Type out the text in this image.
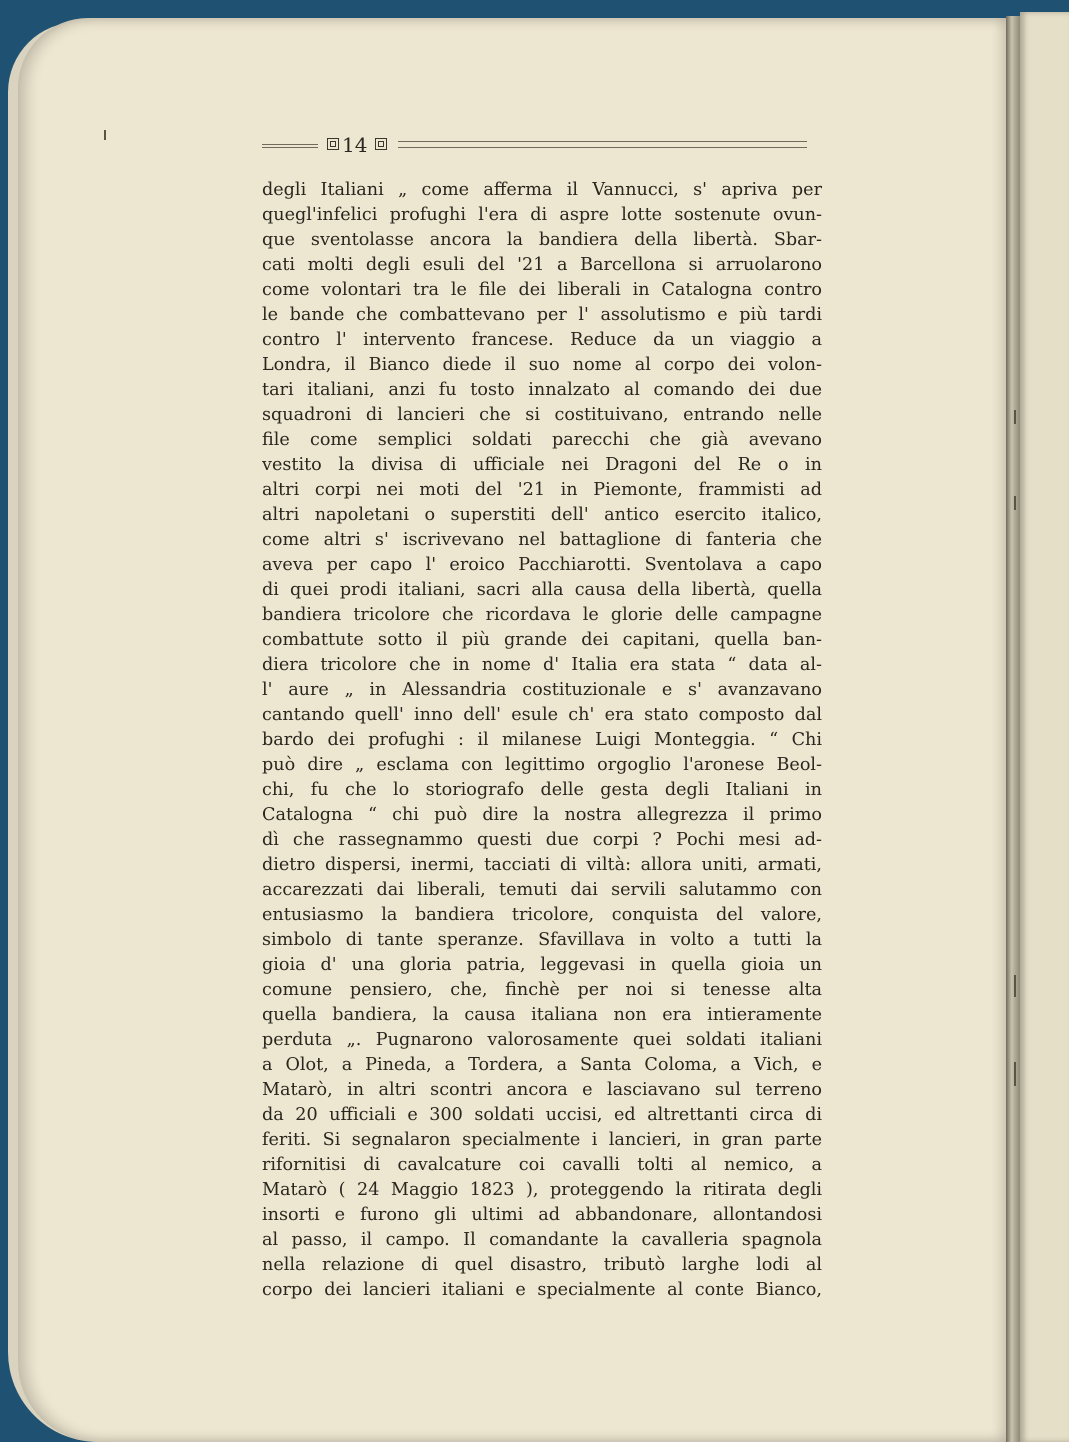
14
degli Italiani „ come afferma il Vannucci, s' apriva per
quegl'infelici profughi l'era di aspre lotte sostenute ovun-
que sventolasse ancora la bandiera della libertà. Sbar-
cati molti degli esuli del '21 a Barcellona si arruolarono
come volontari tra le file dei liberali in Catalogna contro
le bande che combattevano per l' assolutismo e più tardi
contro l' intervento francese. Reduce da un viaggio a
Londra, il Bianco diede il suo nome al corpo dei volon-
tari italiani, anzi fu tosto innalzato al comando dei due
squadroni di lancieri che si costituivano, entrando nelle
file come semplici soldati parecchi che già avevano
vestito la divisa di ufficiale nei Dragoni del Re o in
altri corpi nei moti del '21 in Piemonte, frammisti ad
altri napoletani o superstiti dell' antico esercito italico,
come altri s' iscrivevano nel battaglione di fanteria che
aveva per capo l' eroico Pacchiarotti. Sventolava a capo
di quei prodi italiani, sacri alla causa della libertà, quella
bandiera tricolore che ricordava le glorie delle campagne
combattute sotto il più grande dei capitani, quella ban-
diera tricolore che in nome d' Italia era stata “ data al-
l' aure „ in Alessandria costituzionale e s' avanzavano
cantando quell' inno dell' esule ch' era stato composto dal
bardo dei profughi : il milanese Luigi Monteggia. “ Chi
può dire „ esclama con legittimo orgoglio l'aronese Beol-
chi, fu che lo storiografo delle gesta degli Italiani in
Catalogna “ chi può dire la nostra allegrezza il primo
dì che rassegnammo questi due corpi ? Pochi mesi ad-
dietro dispersi, inermi, tacciati di viltà: allora uniti, armati,
accarezzati dai liberali, temuti dai servili salutammo con
entusiasmo la bandiera tricolore, conquista del valore,
simbolo di tante speranze. Sfavillava in volto a tutti la
gioia d' una gloria patria, leggevasi in quella gioia un
comune pensiero, che, finchè per noi si tenesse alta
quella bandiera, la causa italiana non era intieramente
perduta „. Pugnarono valorosamente quei soldati italiani
a Olot, a Pineda, a Tordera, a Santa Coloma, a Vich, e
Matarò, in altri scontri ancora e lasciavano sul terreno
da 20 ufficiali e 300 soldati uccisi, ed altrettanti circa di
feriti. Si segnalaron specialmente i lancieri, in gran parte
rifornitisi di cavalcature coi cavalli tolti al nemico, a
Matarò ( 24 Maggio 1823 ), proteggendo la ritirata degli
insorti e furono gli ultimi ad abbandonare, allontandosi
al passo, il campo. Il comandante la cavalleria spagnola
nella relazione di quel disastro, tributò larghe lodi al
corpo dei lancieri italiani e specialmente al conte Bianco,
